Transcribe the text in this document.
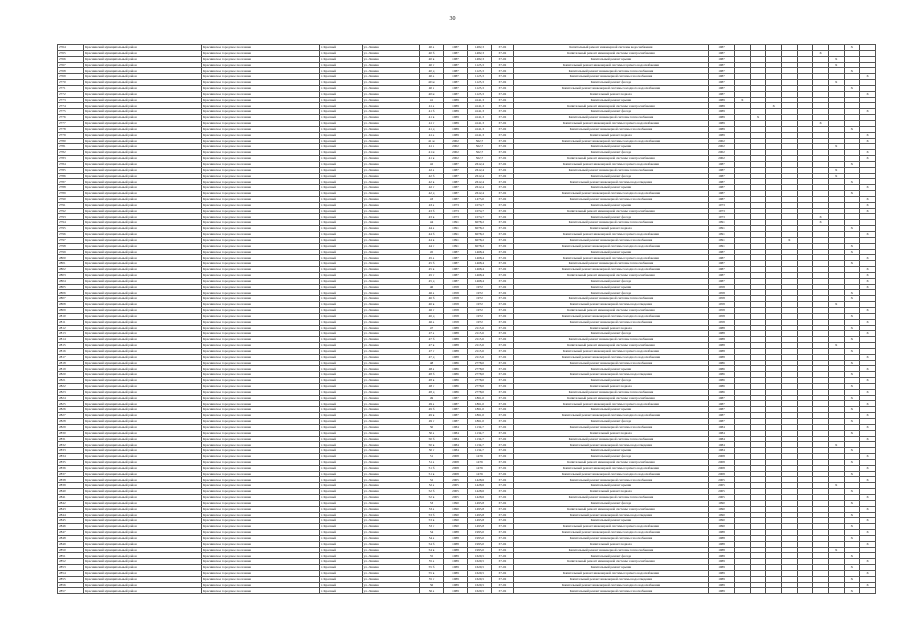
30
2764	Краснинский муниципальный район	Краснинское городское поселение	г. Красный	ул. Ленина	40 а	1987	1482,3	37-02	Капитальный ремонт инженерной системы водоснабжения	1987								Х	
2765	Краснинский муниципальный район	Краснинское городское поселение	г. Красный	ул. Ленина	40 б	1987	1482,3	37-02	Капитальный ремонт инженерной системы электроснабжения	1987						Х			
2766	Краснинский муниципальный район	Краснинское городское поселение	г. Красный	ул. Ленина	40 в	1987	1482,3	37-02	Капитальный ремонт крыши	1987							Х		
2767	Краснинский муниципальный район	Краснинское городское поселение	г. Красный	ул. Ленина	40 г	1987	1125,3	37-02	Капитальный ремонт инженерной системы горячего водоснабжения	1987							Х		
2768	Краснинский муниципальный район	Краснинское городское поселение	г. Красный	ул. Ленина	40 д	1987	1125,3	37-02	Капитальный ремонт инженерной системы теплоснабжения	1987								Х	
2769	Краснинский муниципальный район	Краснинское городское поселение	г. Красный	ул. Ленина	40 е	1987	1125,3	37-02	Капитальный ремонт инженерной системы газоснабжения	1987									Х
2770	Краснинский муниципальный район	Краснинское городское поселение	г. Красный	ул. Ленина	40 ж	1987	1125,3	37-02	Капитальный ремонт фасада	1987							Х		
2771	Краснинский муниципальный район	Краснинское городское поселение	г. Красный	ул. Ленина	40 з	1987	1125,3	37-02	Капитальный ремонт инженерной системы холодного водоснабжения	1987								Х	
2772	Краснинский муниципальный район	Краснинское городское поселение	г. Красный	ул. Ленина	40 и	1987	1125,3	37-02	Капитальный ремонт подвала	1987									Х
2773	Краснинский муниципальный район	Краснинское городское поселение	г. Красный	ул. Ленина	41	1989	4141,3	37-02	Капитальный ремонт крыши	1989	Х								
2774	Краснинский муниципальный район	Краснинское городское поселение	г. Красный	ул. Ленина	41 а	1989	4141,3	37-02	Капитальный ремонт инженерной системы электроснабжения	1989			Х						
2775	Краснинский муниципальный район	Краснинское городское поселение	г. Красный	ул. Ленина	41 б	1989	4141,3	37-02	Капитальный ремонт фасада	1989									Х
2776	Краснинский муниципальный район	Краснинское городское поселение	г. Красный	ул. Ленина	41 в	1989	4141,3	37-02	Капитальный ремонт инженерной системы теплоснабжения	1989		Х							
2777	Краснинский муниципальный район	Краснинское городское поселение	г. Красный	ул. Ленина	41 г	1989	4141,3	37-02	Капитальный ремонт инженерной системы горячего водоснабжения	1989						Х			
2778	Краснинский муниципальный район	Краснинское городское поселение	г. Красный	ул. Ленина	41 д	1989	4141,3	37-02	Капитальный ремонт инженерной системы газоснабжения	1989								Х	
2779	Краснинский муниципальный район	Краснинское городское поселение	г. Красный	ул. Ленина	41 е	1989	4141,3	37-02	Капитальный ремонт подвала	1989									Х
2780	Краснинский муниципальный район	Краснинское городское поселение	г. Красный	ул. Ленина	41 ж	2002	562,7	37-02	Капитальный ремонт инженерной системы холодного водоснабжения	2002									Х
2781	Краснинский муниципальный район	Краснинское городское поселение	г. Красный	ул. Ленина	41 з	2002	562,7	37-02	Капитальный ремонт крыши	2002							Х		
2782	Краснинский муниципальный район	Краснинское городское поселение	г. Красный	ул. Ленина	41 и	2002	562,7	37-02	Капитальный ремонт фасада	2002									Х
2783	Краснинский муниципальный район	Краснинское городское поселение	г. Красный	ул. Ленина	41 к	2002	562,7	37-02	Капитальный ремонт инженерной системы электроснабжения	2002									Х
2784	Краснинский муниципальный район	Краснинское городское поселение	г. Красный	ул. Ленина	42	1987	2612,4	37-02	Капитальный ремонт инженерной системы горячего водоснабжения	1987								Х	
2785	Краснинский муниципальный район	Краснинское городское поселение	г. Красный	ул. Ленина	42 а	1987	2612,4	37-02	Капитальный ремонт инженерной системы теплоснабжения	1987							Х		
2786	Краснинский муниципальный район	Краснинское городское поселение	г. Красный	ул. Ленина	42 б	1987	2612,4	37-02	Капитальный ремонт фасада	1987							Х		
2787	Краснинский муниципальный район	Краснинское городское поселение	г. Красный	ул. Ленина	42 в	1987	2612,4	37-02	Капитальный ремонт инженерной системы водоотведения	1987								Х	
2788	Краснинский муниципальный район	Краснинское городское поселение	г. Красный	ул. Ленина	42 г	1987	2612,4	37-02	Капитальный ремонт крыши	1987									Х
2789	Краснинский муниципальный район	Краснинское городское поселение	г. Красный	ул. Ленина	42 д	1987	2612,4	37-02	Капитальный ремонт инженерной системы холодного водоснабжения	1987								Х	
2790	Краснинский муниципальный район	Краснинское городское поселение	г. Красный	ул. Ленина	43	1987	1475,0	37-02	Капитальный ремонт инженерной системы газоснабжения	1987									Х
2791	Краснинский муниципальный район	Краснинское городское поселение	г. Красный	ул. Ленина	43 а	1973	1074,7	37-02	Капитальный ремонт крыши	1973									Х
2792	Краснинский муниципальный район	Краснинское городское поселение	г. Красный	ул. Ленина	43 б	1973	1074,7	37-02	Капитальный ремонт инженерной системы электроснабжения	1973									Х
2793	Краснинский муниципальный район	Краснинское городское поселение	г. Красный	ул. Ленина	43 в	1973	1074,7	37-02	Капитальный ремонт фасада	1973						Х			
2794	Краснинский муниципальный район	Краснинское городское поселение	г. Красный	ул. Ленина	44	1991	6078,2	37-02	Капитальный ремонт инженерной системы теплоснабжения	1991						Х			
2795	Краснинский муниципальный район	Краснинское городское поселение	г. Красный	ул. Ленина	44 а	1991	6078,2	37-02	Капитальный ремонт подвала	1991								Х	
2796	Краснинский муниципальный район	Краснинское городское поселение	г. Красный	ул. Ленина	44 б	1991	6078,2	37-02	Капитальный ремонт инженерной системы горячего водоснабжения	1991									Х
2797	Краснинский муниципальный район	Краснинское городское поселение	г. Красный	ул. Ленина	44 в	1991	6078,2	37-02	Капитальный ремонт инженерной системы газоснабжения	1991				Х					
2798	Краснинский муниципальный район	Краснинское городское поселение	г. Красный	ул. Ленина	44 г	1991	6078,2	37-02	Капитальный ремонт инженерной системы холодного водоснабжения	1991								Х	
2799	Краснинский муниципальный район	Краснинское городское поселение	г. Красный	ул. Ленина	45	1987	1468,4	37-02	Капитальный ремонт крыши	1987								Х	
2800	Краснинский муниципальный район	Краснинское городское поселение	г. Красный	ул. Ленина	45 а	1987	1468,4	37-02	Капитальный ремонт инженерной системы горячего водоснабжения	1987									Х
2801	Краснинский муниципальный район	Краснинское городское поселение	г. Красный	ул. Ленина	45 б	1987	1468,4	37-02	Капитальный ремонт инженерной системы теплоснабжения	1987								Х	
2802	Краснинский муниципальный район	Краснинское городское поселение	г. Красный	ул. Ленина	45 в	1987	1468,4	37-02	Капитальный ремонт инженерной системы холодного водоснабжения	1987									Х
2803	Краснинский муниципальный район	Краснинское городское поселение	г. Красный	ул. Ленина	45 г	1987	1468,4	37-02	Капитальный ремонт инженерной системы электроснабжения	1987									Х
2804	Краснинский муниципальный район	Краснинское городское поселение	г. Красный	ул. Ленина	45 д	1987	1468,4	37-02	Капитальный ремонт фасада	1987									Х
2805	Краснинский муниципальный район	Краснинское городское поселение	г. Красный	ул. Ленина	46	1958	1972	37-02	Капитальный ремонт крыши	1958									Х
2806	Краснинский муниципальный район	Краснинское городское поселение	г. Красный	ул. Ленина	46 а	1958	1972	37-02	Капитальный ремонт фасада	1958								Х	
2807	Краснинский муниципальный район	Краснинское городское поселение	г. Красный	ул. Ленина	46 б	1958	1972	37-02	Капитальный ремонт инженерной системы теплоснабжения	1958								Х	
2808	Краснинский муниципальный район	Краснинское городское поселение	г. Красный	ул. Ленина	46 в	1958	1972	37-02	Капитальный ремонт инженерной системы водоотведения	1958							Х		
2809	Краснинский муниципальный район	Краснинское городское поселение	г. Красный	ул. Ленина	46 г	1958	1972	37-02	Капитальный ремонт инженерной системы электроснабжения	1958									Х
2810	Краснинский муниципальный район	Краснинское городское поселение	г. Красный	ул. Ленина	46 д	1958	1972	37-02	Капитальный ремонт инженерной системы холодного водоснабжения	1958								Х	
2811	Краснинский муниципальный район	Краснинское городское поселение	г. Красный	ул. Ленина	46 е	1958	1972	37-02	Капитальный ремонт инженерной системы газоснабжения	1958									Х
2812	Краснинский муниципальный район	Краснинское городское поселение	г. Красный	ул. Ленина	47	1988	2115,6	37-02	Капитальный ремонт подвала	1988								Х	
2813	Краснинский муниципальный район	Краснинское городское поселение	г. Красный	ул. Ленина	47 а	1988	2115,6	37-02	Капитальный ремонт фасада	1988									Х
2814	Краснинский муниципальный район	Краснинское городское поселение	г. Красный	ул. Ленина	47 б	1988	2115,6	37-02	Капитальный ремонт инженерной системы теплоснабжения	1988								Х	
2815	Краснинский муниципальный район	Краснинское городское поселение	г. Красный	ул. Ленина	47 в	1988	2115,6	37-02	Капитальный ремонт инженерной системы электроснабжения	1988							Х		
2816	Краснинский муниципальный район	Краснинское городское поселение	г. Красный	ул. Ленина	47 г	1988	2115,6	37-02	Капитальный ремонт инженерной системы горячего водоснабжения	1988								Х	
2817	Краснинский муниципальный район	Краснинское городское поселение	г. Красный	ул. Ленина	47 д	1988	2115,6	37-02	Капитальный ремонт инженерной системы холодного водоснабжения	1988									Х
2818	Краснинский муниципальный район	Краснинское городское поселение	г. Красный	ул. Ленина	48	1986	2778,0	37-02	Капитальный ремонт инженерной системы газоснабжения	1986								Х	
2819	Краснинский муниципальный район	Краснинское городское поселение	г. Красный	ул. Ленина	48 а	1986	2778,0	37-02	Капитальный ремонт крыши	1986									Х
2820	Краснинский муниципальный район	Краснинское городское поселение	г. Красный	ул. Ленина	48 б	1986	2778,0	37-02	Капитальный ремонт инженерной системы водоотведения	1986								Х	
2821	Краснинский муниципальный район	Краснинское городское поселение	г. Красный	ул. Ленина	48 в	1986	2778,0	37-02	Капитальный ремонт фасада	1986									Х
2822	Краснинский муниципальный район	Краснинское городское поселение	г. Красный	ул. Ленина	48 г	1986	2778,0	37-02	Капитальный ремонт подвала	1986								Х	
2823	Краснинский муниципальный район	Краснинское городское поселение	г. Красный	ул. Ленина	48 д	1986	2778,0	37-02	Капитальный ремонт инженерной системы теплоснабжения	1986									Х
2824	Краснинский муниципальный район	Краснинское городское поселение	г. Красный	ул. Ленина	49	1987	1861,0	37-02	Капитальный ремонт инженерной системы электроснабжения	1987								Х	
2825	Краснинский муниципальный район	Краснинское городское поселение	г. Красный	ул. Ленина	49 а	1987	1861,0	37-02	Капитальный ремонт инженерной системы горячего водоснабжения	1987									Х
2826	Краснинский муниципальный район	Краснинское городское поселение	г. Красный	ул. Ленина	49 б	1987	1861,0	37-02	Капитальный ремонт крыши	1987								Х	
2827	Краснинский муниципальный район	Краснинское городское поселение	г. Красный	ул. Ленина	49 в	1987	1861,0	37-02	Капитальный ремонт инженерной системы холодного водоснабжения	1987									Х
2828	Краснинский муниципальный район	Краснинское городское поселение	г. Красный	ул. Ленина	49 г	1987	1861,0	37-02	Капитальный ремонт фасада	1987								Х	
2829	Краснинский муниципальный район	Краснинское городское поселение	г. Красный	ул. Ленина	50	1984	1134,7	37-02	Капитальный ремонт инженерной системы газоснабжения	1984									Х
2830	Краснинский муниципальный район	Краснинское городское поселение	г. Красный	ул. Ленина	50 а	1984	1134,7	37-02	Капитальный ремонт подвала	1984								Х	
2831	Краснинский муниципальный район	Краснинское городское поселение	г. Красный	ул. Ленина	50 б	1984	1134,7	37-02	Капитальный ремонт инженерной системы теплоснабжения	1984									Х
2832	Краснинский муниципальный район	Краснинское городское поселение	г. Красный	ул. Ленина	50 в	1984	1134,7	37-02	Капитальный ремонт инженерной системы водоотведения	1984							Х		
2833	Краснинский муниципальный район	Краснинское городское поселение	г. Красный	ул. Ленина	50 г	1984	1134,7	37-02	Капитальный ремонт крыши	1984								Х	
2834	Краснинский муниципальный район	Краснинское городское поселение	г. Красный	ул. Ленина	51	2008	1476	37-02	Капитальный ремонт фасада	2008									Х
2835	Краснинский муниципальный район	Краснинское городское поселение	г. Красный	ул. Ленина	51 а	2008	1476	37-02	Капитальный ремонт инженерной системы электроснабжения	2008								Х	
2836	Краснинский муниципальный район	Краснинское городское поселение	г. Красный	ул. Ленина	51 б	2008	1476	37-02	Капитальный ремонт инженерной системы горячего водоснабжения	2008									Х
2837	Краснинский муниципальный район	Краснинское городское поселение	г. Красный	ул. Ленина	51 в	2008	1476	37-02	Капитальный ремонт инженерной системы холодного водоснабжения	2008								Х	
2838	Краснинский муниципальный район	Краснинское городское поселение	г. Красный	ул. Ленина	52	2005	1428,6	37-02	Капитальный ремонт инженерной системы газоснабжения	2005									Х
2839	Краснинский муниципальный район	Краснинское городское поселение	г. Красный	ул. Ленина	52 а	2005	1428,6	37-02	Капитальный ремонт крыши	2005							Х		
2840	Краснинский муниципальный район	Краснинское городское поселение	г. Красный	ул. Ленина	52 б	2005	1428,6	37-02	Капитальный ремонт подвала	2005								Х	
2841	Краснинский муниципальный район	Краснинское городское поселение	г. Красный	ул. Ленина	52 в	2005	1428,6	37-02	Капитальный ремонт инженерной системы теплоснабжения	2005									Х
2842	Краснинский муниципальный район	Краснинское городское поселение	г. Красный	ул. Ленина	53	1990	1495,8	37-02	Капитальный ремонт фасада	1990								Х	
2843	Краснинский муниципальный район	Краснинское городское поселение	г. Красный	ул. Ленина	53 а	1990	1495,8	37-02	Капитальный ремонт инженерной системы электроснабжения	1990									Х
2844	Краснинский муниципальный район	Краснинское городское поселение	г. Красный	ул. Ленина	53 б	1990	1495,8	37-02	Капитальный ремонт инженерной системы водоотведения	1990								Х	
2845	Краснинский муниципальный район	Краснинское городское поселение	г. Красный	ул. Ленина	53 в	1990	1495,8	37-02	Капитальный ремонт крыши	1990									Х
2846	Краснинский муниципальный район	Краснинское городское поселение	г. Красный	ул. Ленина	53 г	1990	1495,8	37-02	Капитальный ремонт инженерной системы горячего водоснабжения	1990								Х	
2847	Краснинский муниципальный район	Краснинское городское поселение	г. Красный	ул. Ленина	54	1988	1995,0	37-02	Капитальный ремонт инженерной системы холодного водоснабжения	1988									Х
2848	Краснинский муниципальный район	Краснинское городское поселение	г. Красный	ул. Ленина	54 а	1988	1995,0	37-02	Капитальный ремонт инженерной системы газоснабжения	1988								Х	
2849	Краснинский муниципальный район	Краснинское городское поселение	г. Красный	ул. Ленина	54 б	1988	1995,0	37-02	Капитальный ремонт подвала	1988									Х
2850	Краснинский муниципальный район	Краснинское городское поселение	г. Красный	ул. Ленина	54 в	1988	1995,0	37-02	Капитальный ремонт инженерной системы теплоснабжения	1988							Х		
2851	Краснинский муниципальный район	Краснинское городское поселение	г. Красный	ул. Ленина	55	1989	1629,5	37-02	Капитальный ремонт фасада	1989								Х	
2852	Краснинский муниципальный район	Краснинское городское поселение	г. Красный	ул. Ленина	55 а	1989	1629,5	37-02	Капитальный ремонт инженерной системы электроснабжения	1989									Х
2853	Краснинский муниципальный район	Краснинское городское поселение	г. Красный	ул. Ленина	55 б	1989	1629,5	37-02	Капитальный ремонт крыши	1989								Х	
2854	Краснинский муниципальный район	Краснинское городское поселение	г. Красный	ул. Ленина	55 в	1989	1629,5	37-02	Капитальный ремонт инженерной системы горячего водоснабжения	1989									Х
2855	Краснинский муниципальный район	Краснинское городское поселение	г. Красный	ул. Ленина	55 г	1989	1629,5	37-02	Капитальный ремонт инженерной системы водоотведения	1989								Х	
2856	Краснинский муниципальный район	Краснинское городское поселение	г. Красный	ул. Ленина	56	1989	1629,5	37-02	Капитальный ремонт инженерной системы холодного водоснабжения	1989									Х
2857	Краснинский муниципальный район	Краснинское городское поселение	г. Красный	ул. Ленина	56 а	1989	1629,5	37-02	Капитальный ремонт инженерной системы газоснабжения	1989								Х	
